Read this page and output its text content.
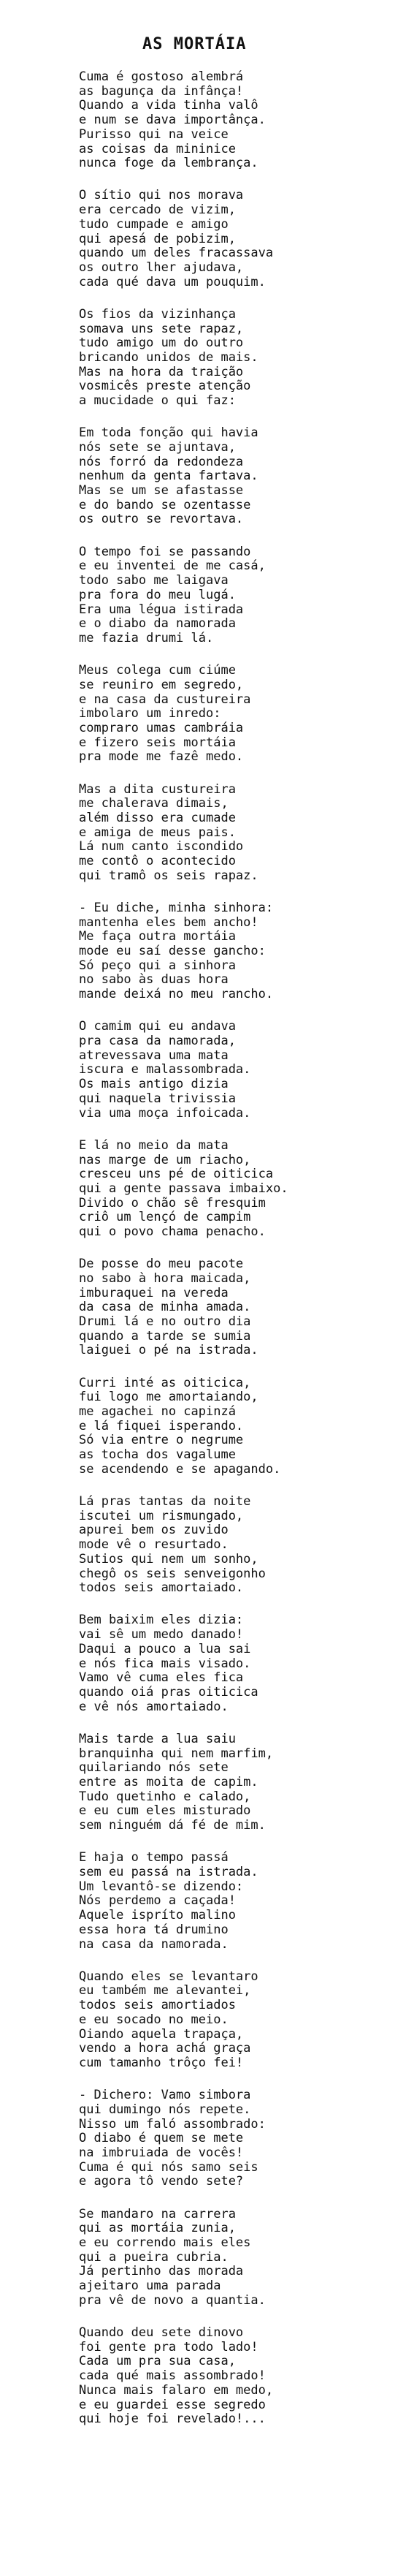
AS MORTÁIA
Cuma é gostoso alembrá
as bagunça da infânça!
Quando a vida tinha valô
e num se dava importânça.
Purisso qui na veice
as coisas da mininice
nunca foge da lembrança.
O sítio qui nos morava
era cercado de vizim,
tudo cumpade e amigo
qui apesá de pobizim,
quando um deles fracassava
os outro lher ajudava,
cada qué dava um pouquim.
Os fios da vizinhança
somava uns sete rapaz,
tudo amigo um do outro
bricando unidos de mais.
Mas na hora da traição
vosmicês preste atenção
a mucidade o qui faz:
Em toda fonção qui havia
nós sete se ajuntava,
nós forró da redondeza
nenhum da genta fartava.
Mas se um se afastasse
e do bando se ozentasse
os outro se revortava.
O tempo foi se passando
e eu inventei de me casá,
todo sabo me laigava
pra fora do meu lugá.
Era uma légua istirada
e o diabo da namorada
me fazia drumi lá.
Meus colega cum ciúme
se reuniro em segredo,
e na casa da custureira
imbolaro um inredo:
compraro umas cambráia
e fizero seis mortáia
pra mode me fazê medo.
Mas a dita custureira
me chalerava dimais,
além disso era cumade
e amiga de meus pais.
Lá num canto iscondido
me contô o acontecido
qui tramô os seis rapaz.
- Eu diche, minha sinhora:
mantenha eles bem ancho!
Me faça outra mortáia
mode eu saí desse gancho:
Só peço qui a sinhora
no sabo às duas hora
mande deixá no meu rancho.
O camim qui eu andava
pra casa da namorada,
atrevessava uma mata
iscura e malassombrada.
Os mais antigo dizia
qui naquela trivissia
via uma moça infoicada.
E lá no meio da mata
nas marge de um riacho,
cresceu uns pé de oiticica
qui a gente passava imbaixo.
Divido o chão sê fresquim
criô um lençó de campim
qui o povo chama penacho.
De posse do meu pacote
no sabo à hora maicada,
imburaquei na vereda
da casa de minha amada.
Drumi lá e no outro dia
quando a tarde se sumia
laiguei o pé na istrada.
Curri inté as oiticica,
fui logo me amortaiando,
me agachei no capinzá
e lá fiquei isperando.
Só via entre o negrume
as tocha dos vagalume
se acendendo e se apagando.
Lá pras tantas da noite
iscutei um rismungado,
apurei bem os zuvido
mode vê o resurtado.
Sutios qui nem um sonho,
chegô os seis senveigonho
todos seis amortaiado.
Bem baixim eles dizia:
vai sê um medo danado!
Daqui a pouco a lua sai
e nós fica mais visado.
Vamo vê cuma eles fica
quando oiá pras oiticica
e vê nós amortaiado.
Mais tarde a lua saiu
branquinha qui nem marfim,
quilariando nós sete
entre as moita de capim.
Tudo quetinho e calado,
e eu cum eles misturado
sem ninguém dá fé de mim.
E haja o tempo passá
sem eu passá na istrada.
Um levantô-se dizendo:
Nós perdemo a caçada!
Aquele ispríto malino
essa hora tá drumino
na casa da namorada.
Quando eles se levantaro
eu também me alevantei,
todos seis amortiados
e eu socado no meio.
Oiando aquela trapaça,
vendo a hora achá graça
cum tamanho trôço fei!
- Dichero: Vamo simbora
qui dumingo nós repete.
Nisso um faló assombrado:
O diabo é quem se mete
na imbruiada de vocês!
Cuma é qui nós samo seis
e agora tô vendo sete?
Se mandaro na carrera
qui as mortáia zunia,
e eu correndo mais eles
qui a pueira cubria.
Já pertinho das morada
ajeitaro uma parada
pra vê de novo a quantia.
Quando deu sete dinovo
foi gente pra todo lado!
Cada um pra sua casa,
cada qué mais assombrado!
Nunca mais falaro em medo,
e eu guardei esse segredo
qui hoje foi revelado!...
